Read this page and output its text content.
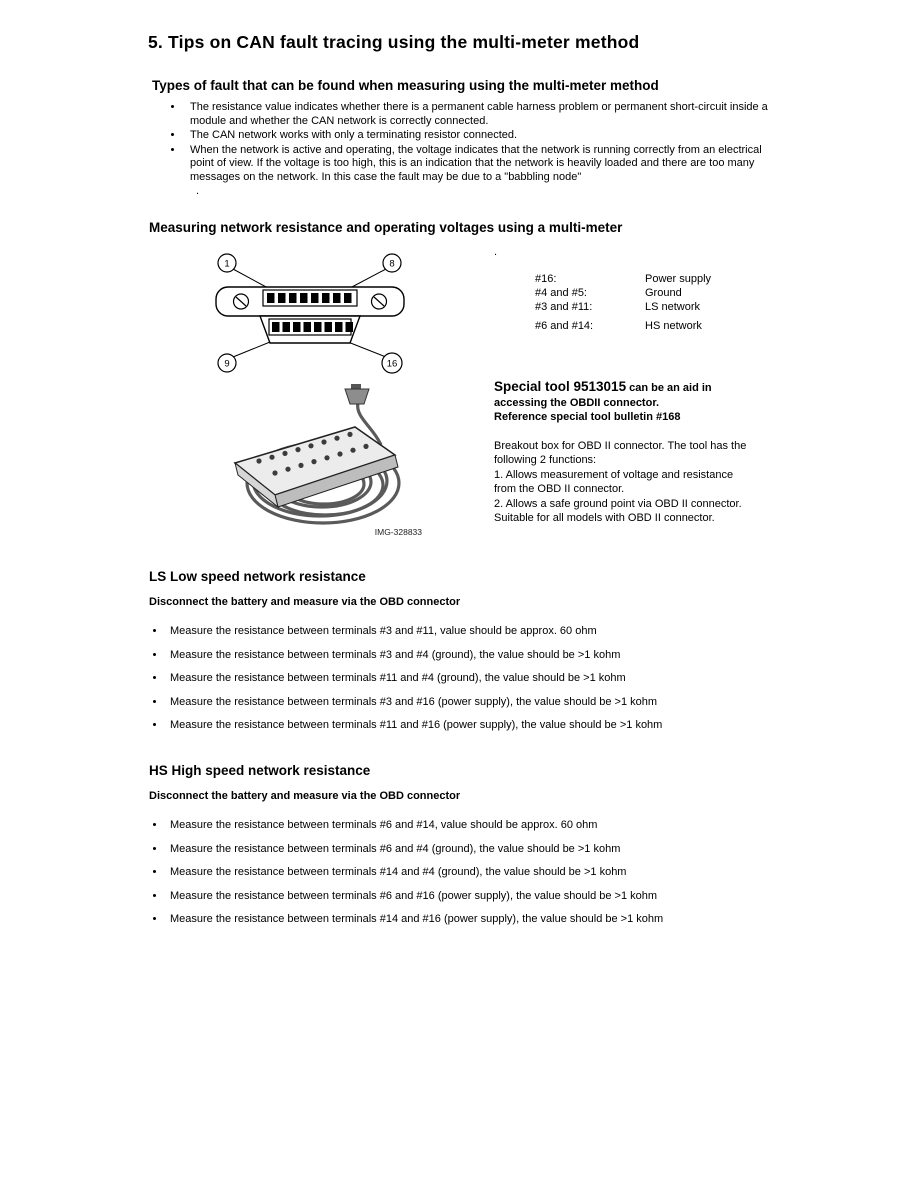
5. Tips on CAN fault tracing using the multi-meter method
Types of fault that can be found when measuring using the multi-meter method
• The resistance value indicates whether there is a permanent cable harness problem or permanent short-circuit inside a module and whether the CAN network is correctly connected.
• The CAN network works with only a terminating resistor connected.
• When the network is active and operating, the voltage indicates that the network is running correctly from an electrical point of view. If the voltage is too high, this is an indication that the network is heavily loaded and there are too many messages on the network. In this case the fault may be due to a "babbling node"
.
Measuring network resistance and operating voltages using a multi-meter
.
1	8
9	16
#16:	Power supply
#4 and #5:	Ground
#3 and #11:	LS network
#6 and #14:	HS network
IMG-328833
Special tool 9513015 can be an aid in accessing the OBDII connector.
Reference special tool bulletin #168
Breakout box for OBD II connector. The tool has the following 2 functions:
1. Allows measurement of voltage and resistance from the OBD II connector.
2. Allows a safe ground point via OBD II connector.
Suitable for all models with OBD II connector.
LS Low speed network resistance
Disconnect the battery and measure via the OBD connector
• Measure the resistance between terminals #3 and #11, value should be approx. 60 ohm
• Measure the resistance between terminals #3 and #4 (ground), the value should be >1 kohm
• Measure the resistance between terminals #11 and #4 (ground), the value should be >1 kohm
• Measure the resistance between terminals #3 and #16 (power supply), the value should be >1 kohm
• Measure the resistance between terminals #11 and #16 (power supply), the value should be >1 kohm
HS High speed network resistance
Disconnect the battery and measure via the OBD connector
• Measure the resistance between terminals #6 and #14, value should be approx. 60 ohm
• Measure the resistance between terminals #6 and #4 (ground), the value should be >1 kohm
• Measure the resistance between terminals #14 and #4 (ground), the value should be >1 kohm
• Measure the resistance between terminals #6 and #16 (power supply), the value should be >1 kohm
• Measure the resistance between terminals #14 and #16 (power supply), the value should be >1 kohm
